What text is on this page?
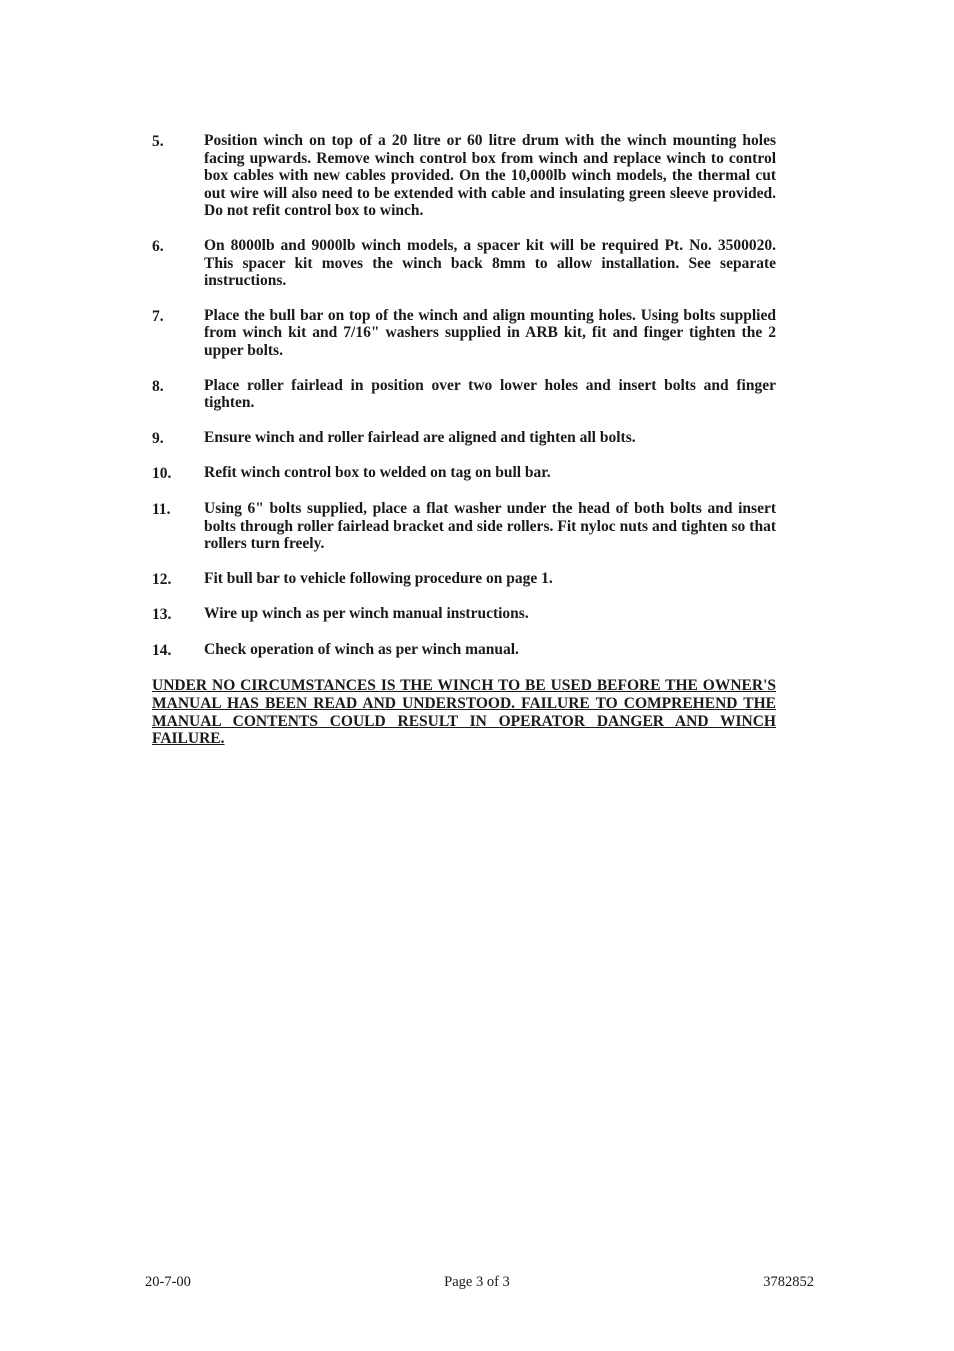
5.	Position winch on top of a 20 litre or 60 litre drum with the winch mounting holes facing upwards. Remove winch control box from winch and replace winch to control box cables with new cables provided. On the 10,000lb winch models, the thermal cut out wire will also need to be extended with cable and insulating green sleeve provided. Do not refit control box to winch.
6.	On 8000lb and 9000lb winch models, a spacer kit will be required Pt. No. 3500020. This spacer kit moves the winch back 8mm to allow installation. See separate instructions.
7.	Place the bull bar on top of the winch and align mounting holes. Using bolts supplied from winch kit and 7/16" washers supplied in ARB kit, fit and finger tighten the 2 upper bolts.
8.	Place roller fairlead in position over two lower holes and insert bolts and finger tighten.
9.	Ensure winch and roller fairlead are aligned and tighten all bolts.
10.	Refit winch control box to welded on tag on bull bar.
11.	Using 6" bolts supplied, place a flat washer under the head of both bolts and insert bolts through roller fairlead bracket and side rollers. Fit nyloc nuts and tighten so that rollers turn freely.
12.	Fit bull bar to vehicle following procedure on page 1.
13.	Wire up winch as per winch manual instructions.
14.	Check operation of winch as per winch manual.
UNDER NO CIRCUMSTANCES IS THE WINCH TO BE USED BEFORE THE OWNER'S MANUAL HAS BEEN READ AND UNDERSTOOD. FAILURE TO COMPREHEND THE MANUAL CONTENTS COULD RESULT IN OPERATOR DANGER AND WINCH FAILURE.
20-7-00	Page 3 of 3	3782852
